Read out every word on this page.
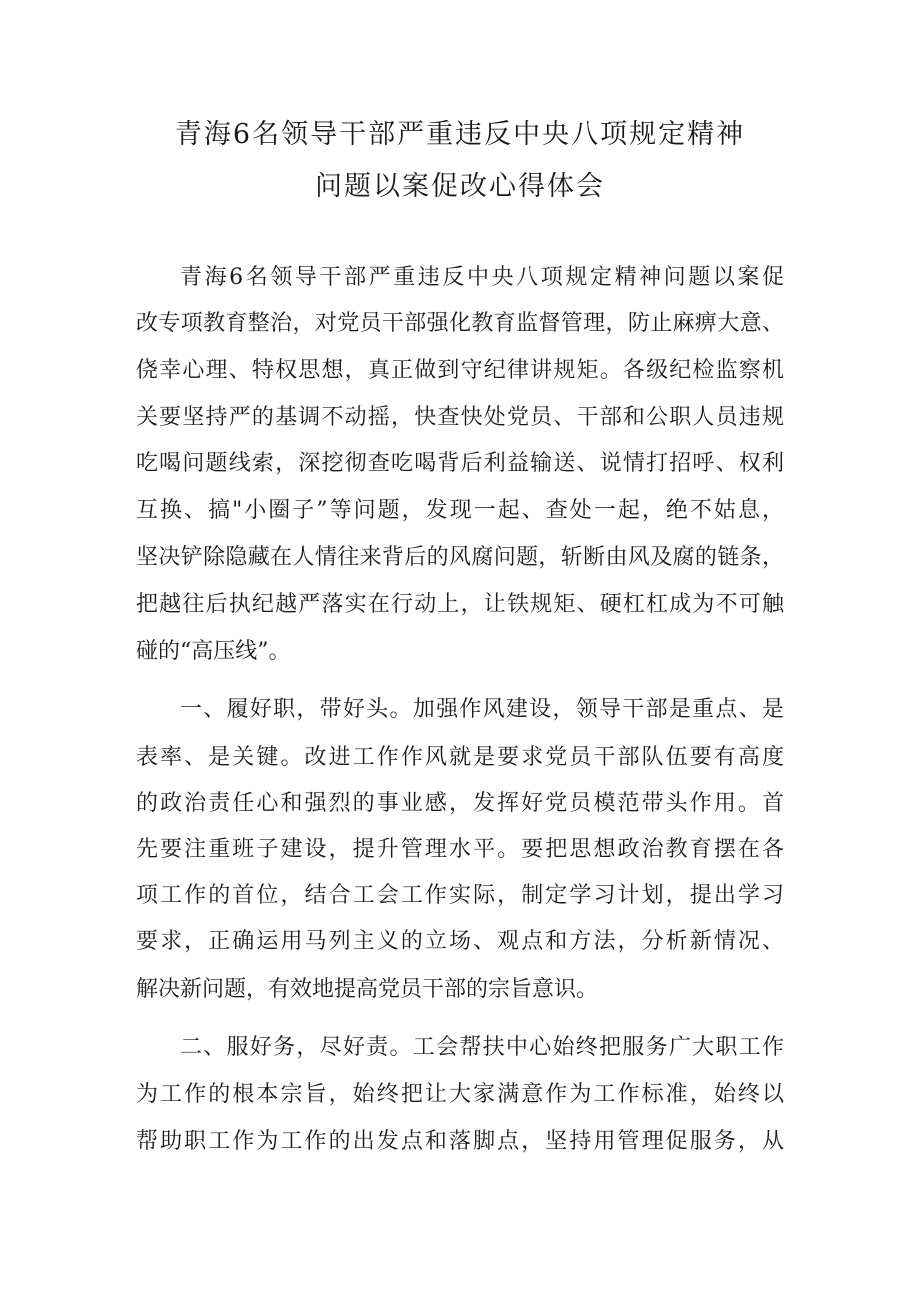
青海6名领导干部严重违反中央八项规定精神
问题以案促改心得体会
青海6名领导干部严重违反中央八项规定精神问题以案促
改专项教育整治，对党员干部强化教育监督管理，防止麻痹大意、
侥幸心理、特权思想，真正做到守纪律讲规矩。各级纪检监察机
关要坚持严的基调不动摇，快查快处党员、干部和公职人员违规
吃喝问题线索，深挖彻查吃喝背后利益输送、说情打招呼、权利
互换、搞"小圈子”等问题，发现一起、查处一起，绝不姑息，
坚决铲除隐藏在人情往来背后的风腐问题，斩断由风及腐的链条，
把越往后执纪越严落实在行动上，让铁规矩、硬杠杠成为不可触
碰的“高压线”。
一、履好职，带好头。加强作风建设，领导干部是重点、是
表率、是关键。改进工作作风就是要求党员干部队伍要有高度
的政治责任心和强烈的事业感，发挥好党员模范带头作用。首
先要注重班子建设，提升管理水平。要把思想政治教育摆在各
项工作的首位，结合工会工作实际，制定学习计划，提出学习
要求，正确运用马列主义的立场、观点和方法，分析新情况、
解决新问题，有效地提高党员干部的宗旨意识。
二、服好务，尽好责。工会帮扶中心始终把服务广大职工作
为工作的根本宗旨，始终把让大家满意作为工作标准，始终以
帮助职工作为工作的出发点和落脚点，坚持用管理促服务，从
